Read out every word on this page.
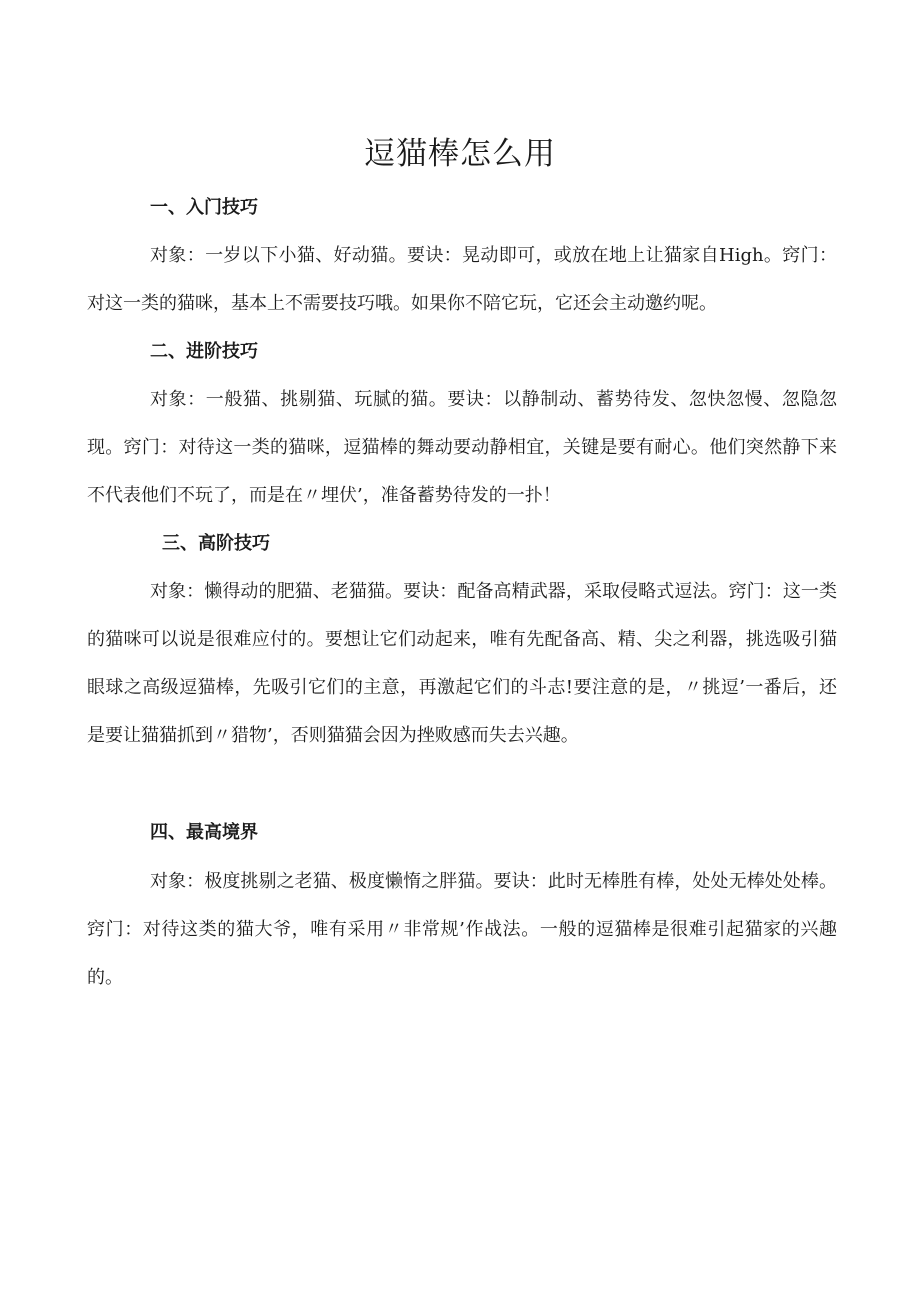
逗猫棒怎么用
一、入门技巧

对象：一岁以下小猫、好动猫。要诀：晃动即可，或放在地上让猫家自High。窍门：对这一类的猫咪，基本上不需要技巧哦。如果你不陪它玩，它还会主动邀约呢。

二、进阶技巧

对象：一般猫、挑剔猫、玩腻的猫。要诀：以静制动、蓄势待发、忽快忽慢、忽隐忽现。窍门：对待这一类的猫咪，逗猫棒的舞动要动静相宜，关键是要有耐心。他们突然静下来不代表他们不玩了，而是在〃埋伏’，准备蓄势待发的一扑！

三、高阶技巧

对象：懒得动的肥猫、老猫猫。要诀：配备高精武器，采取侵略式逗法。窍门：这一类的猫咪可以说是很难应付的。要想让它们动起来，唯有先配备高、精、尖之利器，挑选吸引猫眼球之高级逗猫棒，先吸引它们的主意，再激起它们的斗志!要注意的是，〃挑逗’一番后，还是要让猫猫抓到〃猎物’，否则猫猫会因为挫败感而失去兴趣。

四、最高境界

对象：极度挑剔之老猫、极度懒惰之胖猫。要诀：此时无棒胜有棒，处处无棒处处棒。窍门：对待这类的猫大爷，唯有采用〃非常规’作战法。一般的逗猫棒是很难引起猫家的兴趣的。
